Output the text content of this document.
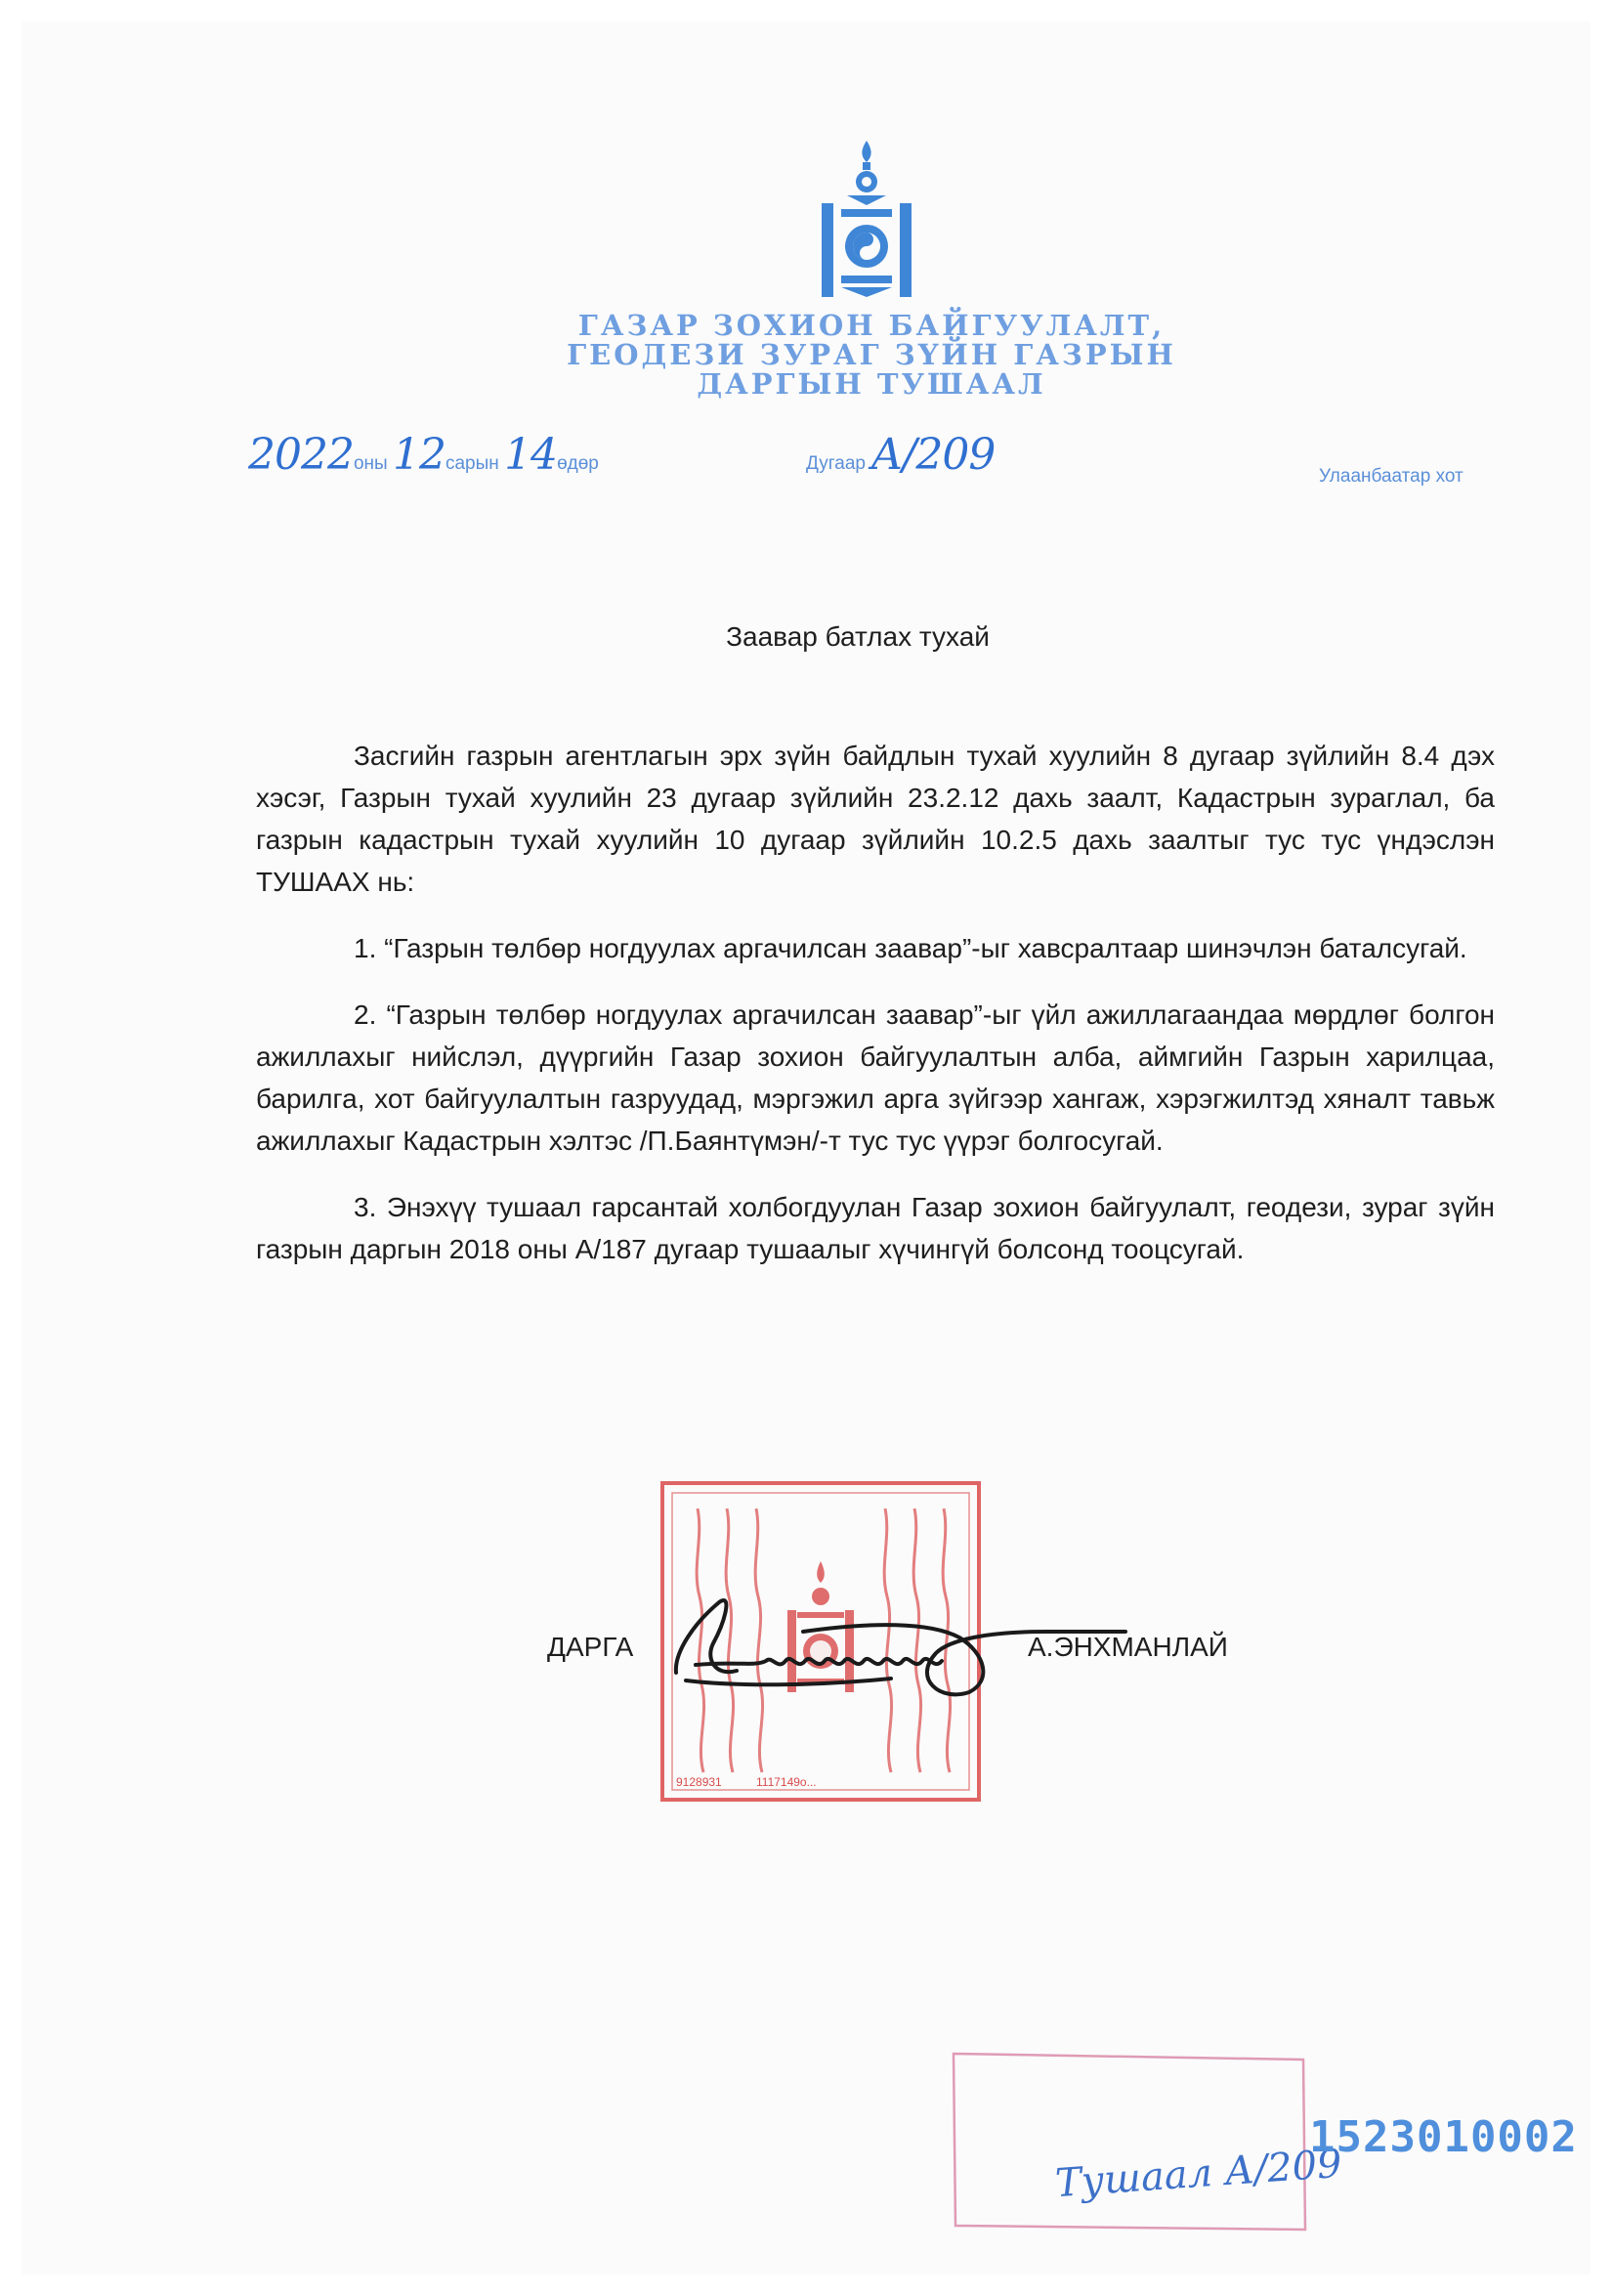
ГАЗАР ЗОХИОН БАЙГУУЛАЛТ,
ГЕОДЕЗИ ЗУРАГ ЗҮЙН ГАЗРЫН
ДАРГЫН ТУШААЛ
2022оны 12сарын 14өдөр	Дугаар А/209	Улаанбаатар хот
Заавар батлах тухай

Засгийн газрын агентлагын эрх зүйн байдлын тухай хуулийн 8 дугаар зүйлийн 8.4 дэх хэсэг, Газрын тухай хуулийн 23 дугаар зүйлийн 23.2.12 дахь заалт, Кадастрын зураглал, ба газрын кадастрын тухай хуулийн 10 дугаар зүйлийн 10.2.5 дахь заалтыг тус тус үндэслэн ТУШААХ нь:

1. “Газрын төлбөр ногдуулах аргачилсан заавар”-ыг хавсралтаар шинэчлэн баталсугай.

2. “Газрын төлбөр ногдуулах аргачилсан заавар”-ыг үйл ажиллагаандаа мөрдлөг болгон ажиллахыг нийслэл, дүүргийн Газар зохион байгуулалтын алба, аймгийн Газрын харилцаа, барилга, хот байгуулалтын газруудад, мэргэжил арга зүйгээр хангаж, хэрэгжилтэд хяналт тавьж ажиллахыг Кадастрын хэлтэс /П.Баянтүмэн/-т тус тус үүрэг болгосугай.

3. Энэхүү тушаал гарсантай холбогдуулан Газар зохион байгуулалт, геодези, зураг зүйн газрын даргын 2018 оны А/187 дугаар тушаалыг хүчингүй болсонд тооцсугай.

9128931	1117149о...
ДАРГА	А.ЭНХМАНЛАЙ
Тушаал А/209
1523010002
